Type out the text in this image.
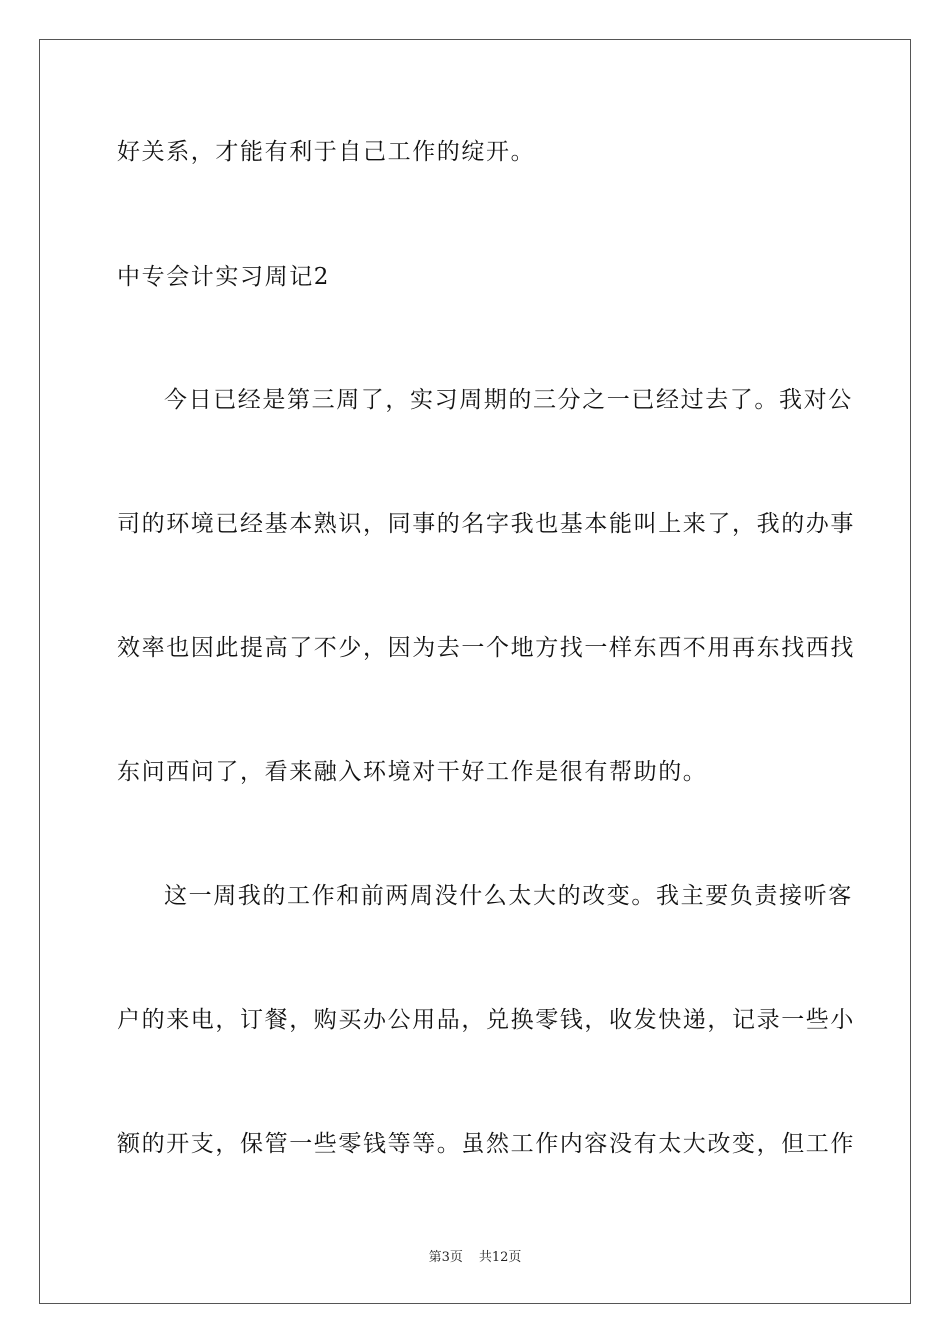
好关系，才能有利于自己工作的绽开。
中专会计实习周记2
今日已经是第三周了，实习周期的三分之一已经过去了。我对公
司的环境已经基本熟识，同事的名字我也基本能叫上来了，我的办事
效率也因此提高了不少，因为去一个地方找一样东西不用再东找西找
东问西问了，看来融入环境对干好工作是很有帮助的。
这一周我的工作和前两周没什么太大的改变。我主要负责接听客
户的来电，订餐，购买办公用品，兑换零钱，收发快递，记录一些小
额的开支，保管一些零钱等等。虽然工作内容没有太大改变，但工作
第3页 共12页
